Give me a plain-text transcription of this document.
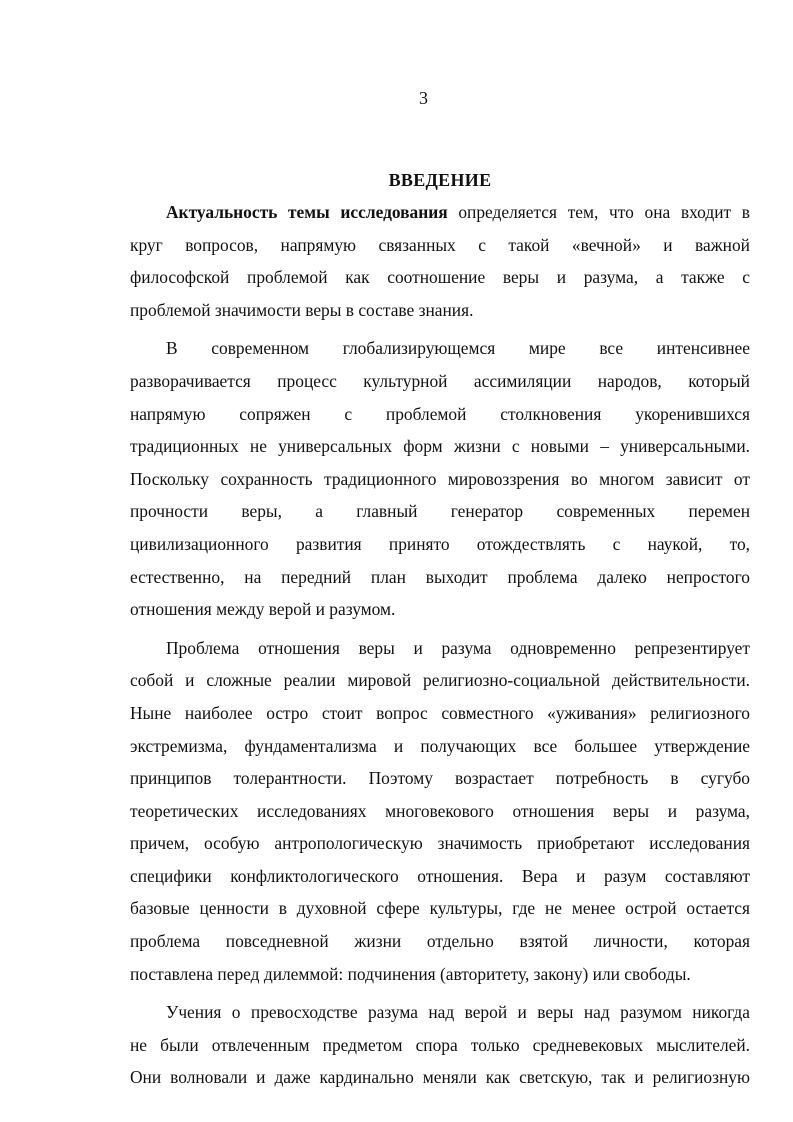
3
ВВЕДЕНИЕ

Актуальность темы исследования определяется тем, что она входит в
круг вопросов, напрямую связанных с такой «вечной» и важной
философской проблемой как соотношение веры и разума, а также с
проблемой значимости веры в составе знания.

В современном глобализирующемся мире все интенсивнее
разворачивается процесс культурной ассимиляции народов, который
напрямую сопряжен с проблемой столкновения укоренившихся
традиционных не универсальных форм жизни с новыми – универсальными.
Поскольку сохранность традиционного мировоззрения во многом зависит от
прочности веры, а главный генератор современных перемен
цивилизационного развития принято отождествлять с наукой, то,
естественно, на передний план выходит проблема далеко непростого
отношения между верой и разумом.

Проблема отношения веры и разума одновременно репрезентирует
собой и сложные реалии мировой религиозно-социальной действительности.
Ныне наиболее остро стоит вопрос совместного «уживания» религиозного
экстремизма, фундаментализма и получающих все большее утверждение
принципов толерантности. Поэтому возрастает потребность в сугубо
теоретических исследованиях многовекового отношения веры и разума,
причем, особую антропологическую значимость приобретают исследования
специфики конфликтологического отношения. Вера и разум составляют
базовые ценности в духовной сфере культуры, где не менее острой остается
проблема повседневной жизни отдельно взятой личности, которая
поставлена перед дилеммой: подчинения (авторитету, закону) или свободы.

Учения о превосходстве разума над верой и веры над разумом никогда
не были отвлеченным предметом спора только средневековых мыслителей.
Они волновали и даже кардинально меняли как светскую, так и религиозную
